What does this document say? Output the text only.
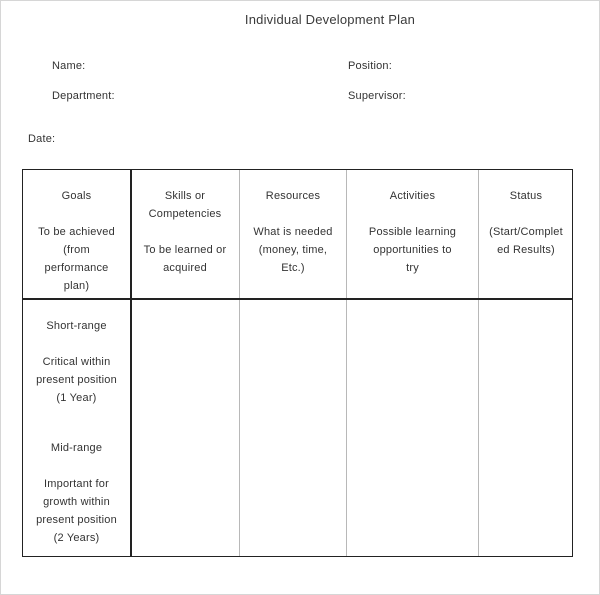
Individual Development Plan
Name:	Position:
Department:	Supervisor:
Date:
Goals
To be achieved
(from
performance
plan)
Skills or
Competencies
To be learned or
acquired
Resources
What is needed
(money, time,
Etc.)
Activities
Possible learning
opportunities to
try
Status
(Start/Complet
ed Results)
Short-range
Critical within
present position
(1 Year)
Mid-range
Important for
growth within
present position
(2 Years)
